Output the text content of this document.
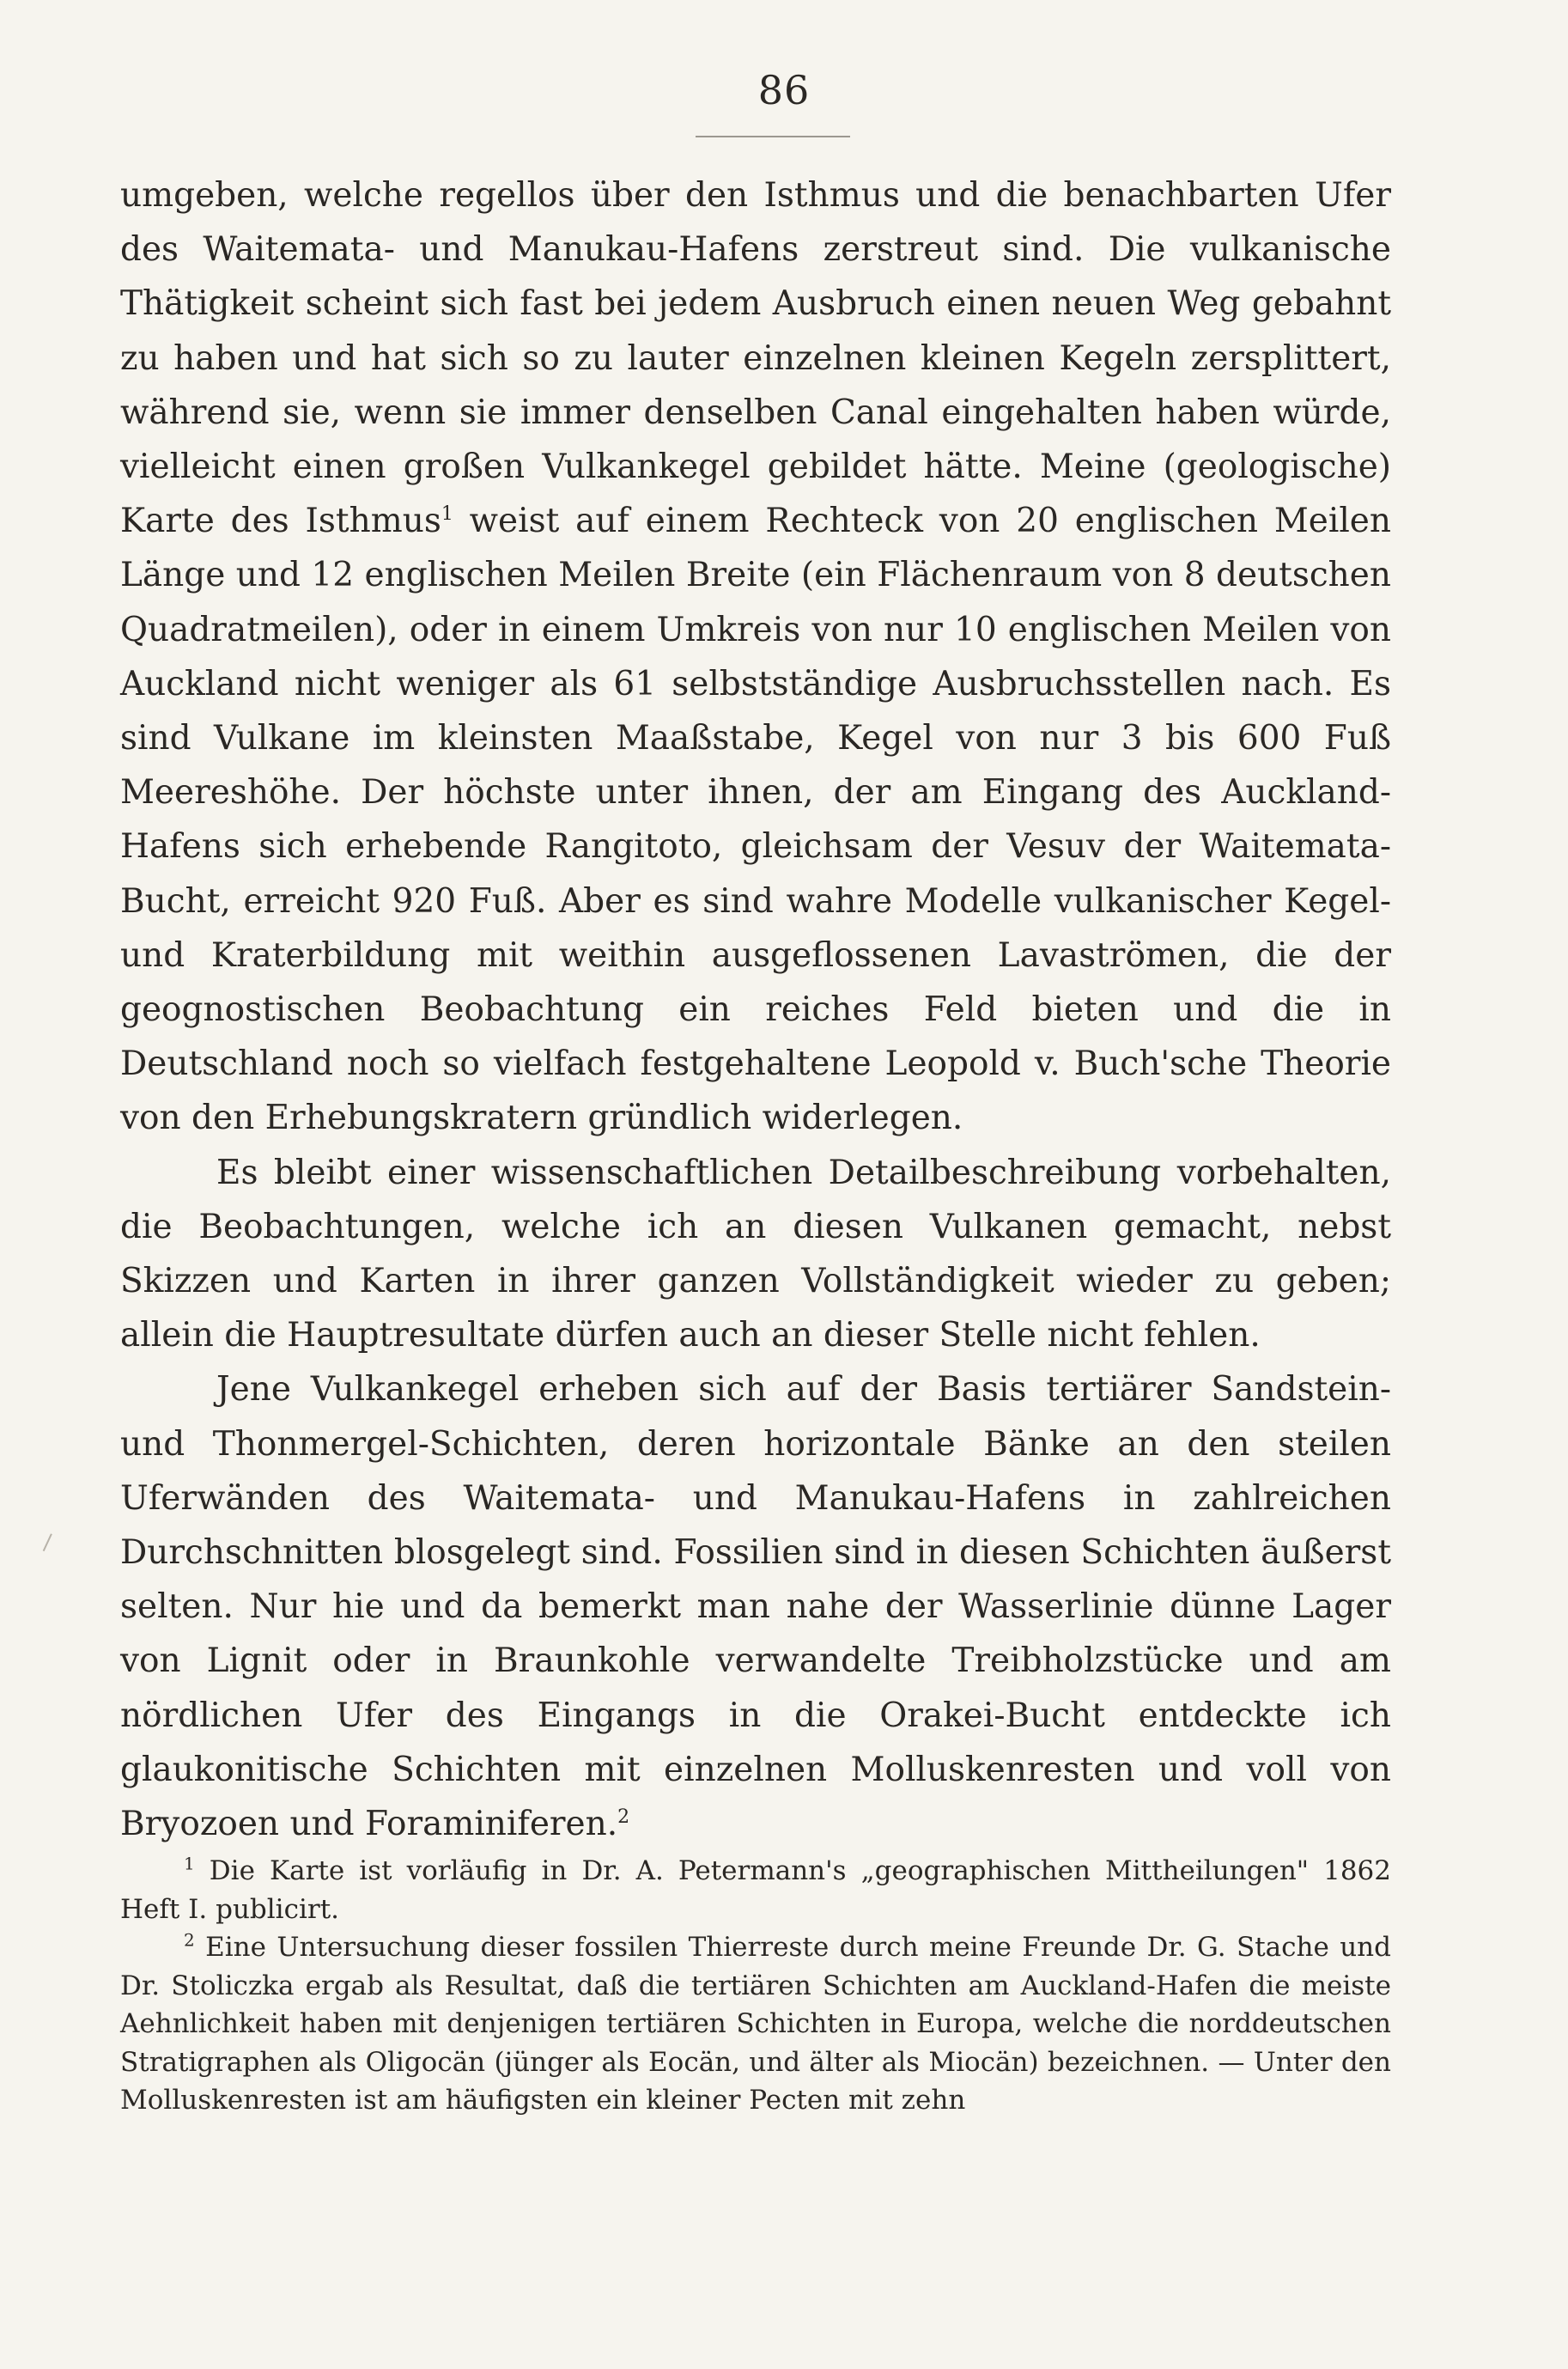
86

umgeben, welche regellos über den Isthmus und die benachbarten Ufer des Waitemata- und Manukau-Hafens zerstreut sind. Die vulkanische Thätigkeit scheint sich fast bei jedem Ausbruch einen neuen Weg gebahnt zu haben und hat sich so zu lauter einzelnen kleinen Kegeln zersplittert, während sie, wenn sie immer denselben Canal eingehalten haben würde, vielleicht einen großen Vulkankegel gebildet hätte. Meine (geologische) Karte des Isthmus$^1$ weist auf einem Rechteck von 20 englischen Meilen Länge und 12 englischen Meilen Breite (ein Flächenraum von 8 deutschen Quadratmeilen), oder in einem Umkreis von nur 10 englischen Meilen von Auckland nicht weniger als 61 selbstständige Ausbruchsstellen nach. Es sind Vulkane im kleinsten Maaßstabe, Kegel von nur 3 bis 600 Fuß Meereshöhe. Der höchste unter ihnen, der am Eingang des Auckland-Hafens sich erhebende Rangitoto, gleichsam der Vesuv der Waitemata-Bucht, erreicht 920 Fuß. Aber es sind wahre Modelle vulkanischer Kegel- und Kraterbildung mit weithin ausgeflossenen Lavaströmen, die der geognostischen Beobachtung ein reiches Feld bieten und die in Deutschland noch so vielfach festgehaltene Leopold v. Buch'sche Theorie von den Erhebungskratern gründlich widerlegen.

Es bleibt einer wissenschaftlichen Detailbeschreibung vorbehalten, die Beobachtungen, welche ich an diesen Vulkanen gemacht, nebst Skizzen und Karten in ihrer ganzen Vollständigkeit wieder zu geben; allein die Hauptresultate dürfen auch an dieser Stelle nicht fehlen.

Jene Vulkankegel erheben sich auf der Basis tertiärer Sandstein- und Thonmergel-Schichten, deren horizontale Bänke an den steilen Uferwänden des Waitemata- und Manukau-Hafens in zahlreichen Durchschnitten blosgelegt sind. Fossilien sind in diesen Schichten äußerst selten. Nur hie und da bemerkt man nahe der Wasserlinie dünne Lager von Lignit oder in Braunkohle verwandelte Treibholzstücke und am nördlichen Ufer des Eingangs in die Orakei-Bucht entdeckte ich glaukonitische Schichten mit einzelnen Molluskenresten und voll von Bryozoen und Foraminiferen.$^2$

$^1$ Die Karte ist vorläufig in Dr. A. Petermann's „geographischen Mittheilungen" 1862 Heft I. publicirt.

$^2$ Eine Untersuchung dieser fossilen Thierreste durch meine Freunde Dr. G. Stache und Dr. Stoliczka ergab als Resultat, daß die tertiären Schichten am Auckland-Hafen die meiste Aehnlichkeit haben mit denjenigen tertiären Schichten in Europa, welche die norddeutschen Stratigraphen als Oligocän (jünger als Eocän, und älter als Miocän) bezeichnen. — Unter den Molluskenresten ist am häufigsten ein kleiner Pecten mit zehn
